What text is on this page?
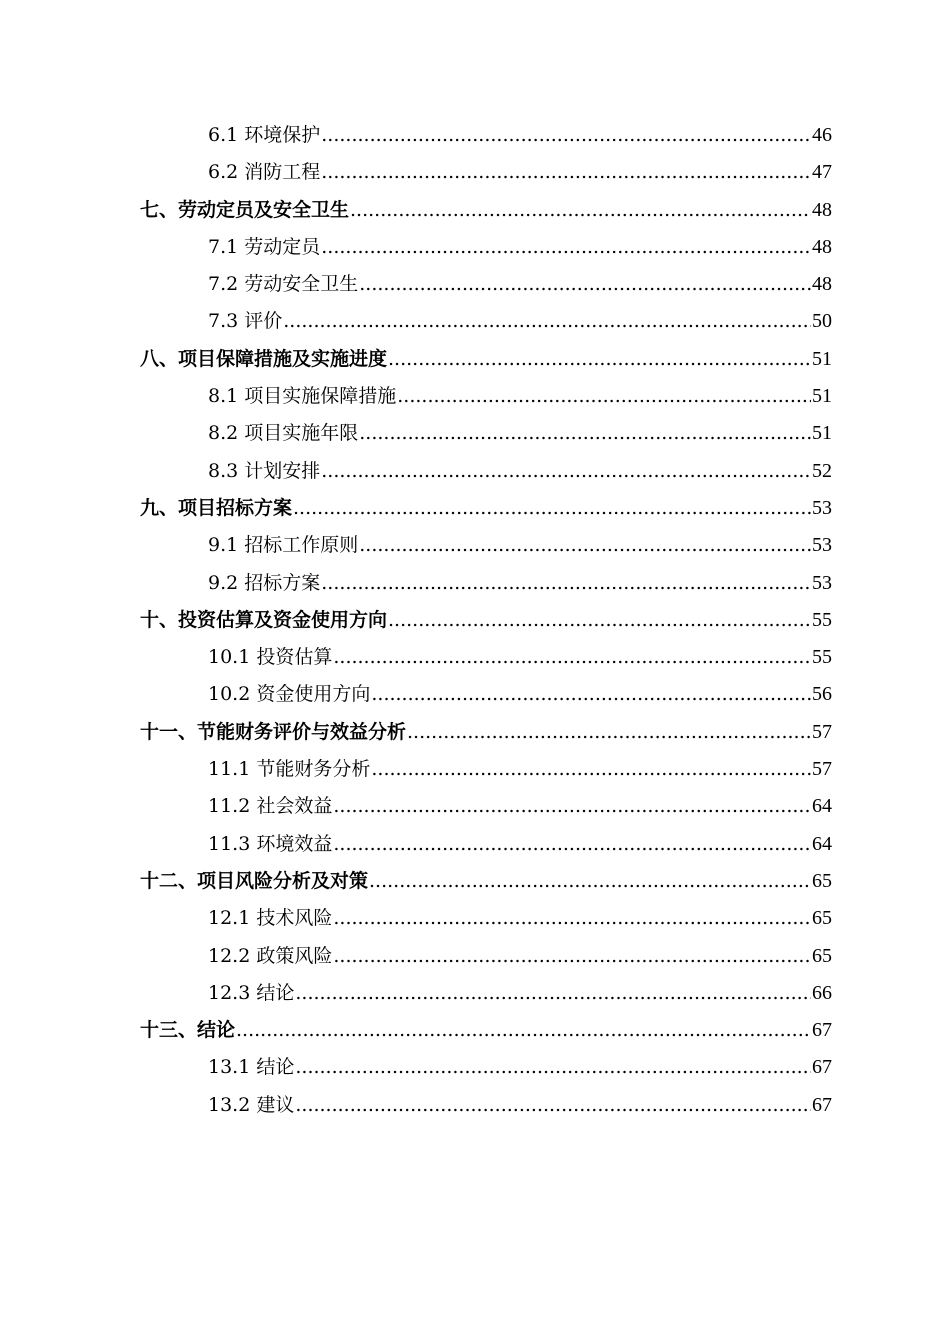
6.1 环境保护 .....	46
6.2 消防工程 .....	47
七、劳动定员及安全卫生 .....	48
7.1 劳动定员 .....	48
7.2 劳动安全卫生 .....	48
7.3 评价 .....	50
八、项目保障措施及实施进度 .....	51
8.1 项目实施保障措施 .....	51
8.2 项目实施年限 .....	51
8.3 计划安排 .....	52
九、项目招标方案 .....	53
9.1 招标工作原则 .....	53
9.2 招标方案 .....	53
十、投资估算及资金使用方向 .....	55
10.1 投资估算 .....	55
10.2 资金使用方向 .....	56
十一、节能财务评价与效益分析 .....	57
11.1 节能财务分析 .....	57
11.2 社会效益 .....	64
11.3 环境效益 .....	64
十二、项目风险分析及对策 .....	65
12.1 技术风险 .....	65
12.2 政策风险 .....	65
12.3 结论 .....	66
十三、结论 .....	67
13.1 结论 .....	67
13.2 建议 .....	67
